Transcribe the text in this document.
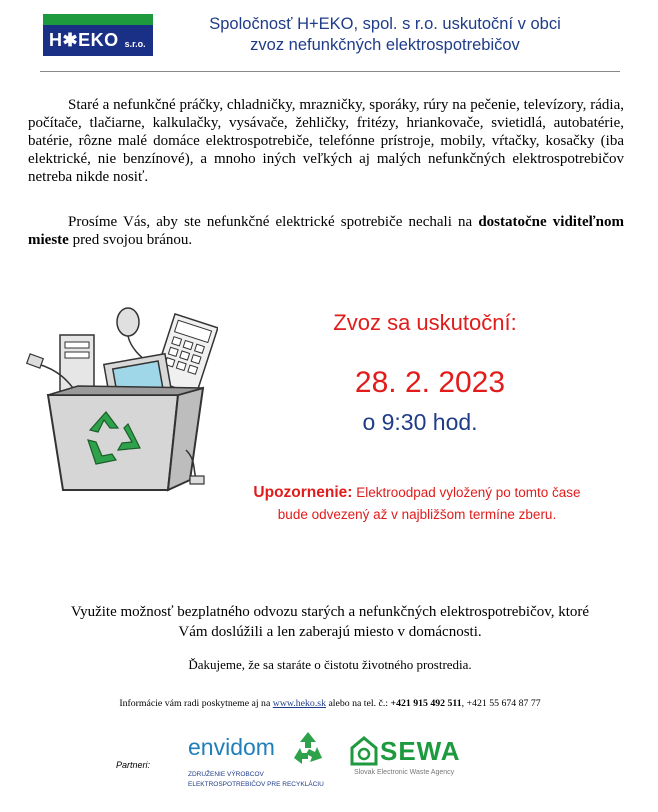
H✱EKO s.r.o.
Spoločnosť H+EKO, spol. s r.o. uskutoční v obci
zvoz nefunkčných elektrospotrebičov
Staré a nefunkčné práčky, chladničky, mrazničky, sporáky, rúry na pečenie, televízory, rádia, počítače, tlačiarne, kalkulačky, vysávače, žehličky, fritézy, hriankovače, svietidlá, autobatérie, batérie, rôzne malé domáce elektrospotrebiče, telefónne prístroje, mobily, vŕtačky, kosačky (iba elektrické, nie benzínové), a mnoho iných veľkých aj malých nefunkčných elektrospotrebičov netreba nikde nosiť.
Prosíme Vás, aby ste nefunkčné elektrické spotrebiče nechali na dostatočne viditeľnom mieste pred svojou bránou.
Zvoz sa uskutoční:
28. 2. 2023
o 9:30 hod.
Upozornenie: Elektroodpad vyložený po tomto čase
bude odvezený až v najbližšom termíne zberu.
Využite možnosť bezplatného odvozu starých a nefunkčných elektrospotrebičov, ktoré Vám doslúžili a len zaberajú miesto v domácnosti.
Ďakujeme, že sa staráte o čistotu životného prostredia.
Informácie vám radi poskytneme aj na www.heko.sk alebo na tel. č.: +421 915 492 511, +421 55 674 87 77
Partneri:
envidom
ZDRUŽENIE VÝROBCOV
ELEKTROSPOTREBIČOV PRE RECYKLÁCIU
SEWA
Slovak Electronic Waste Agency
